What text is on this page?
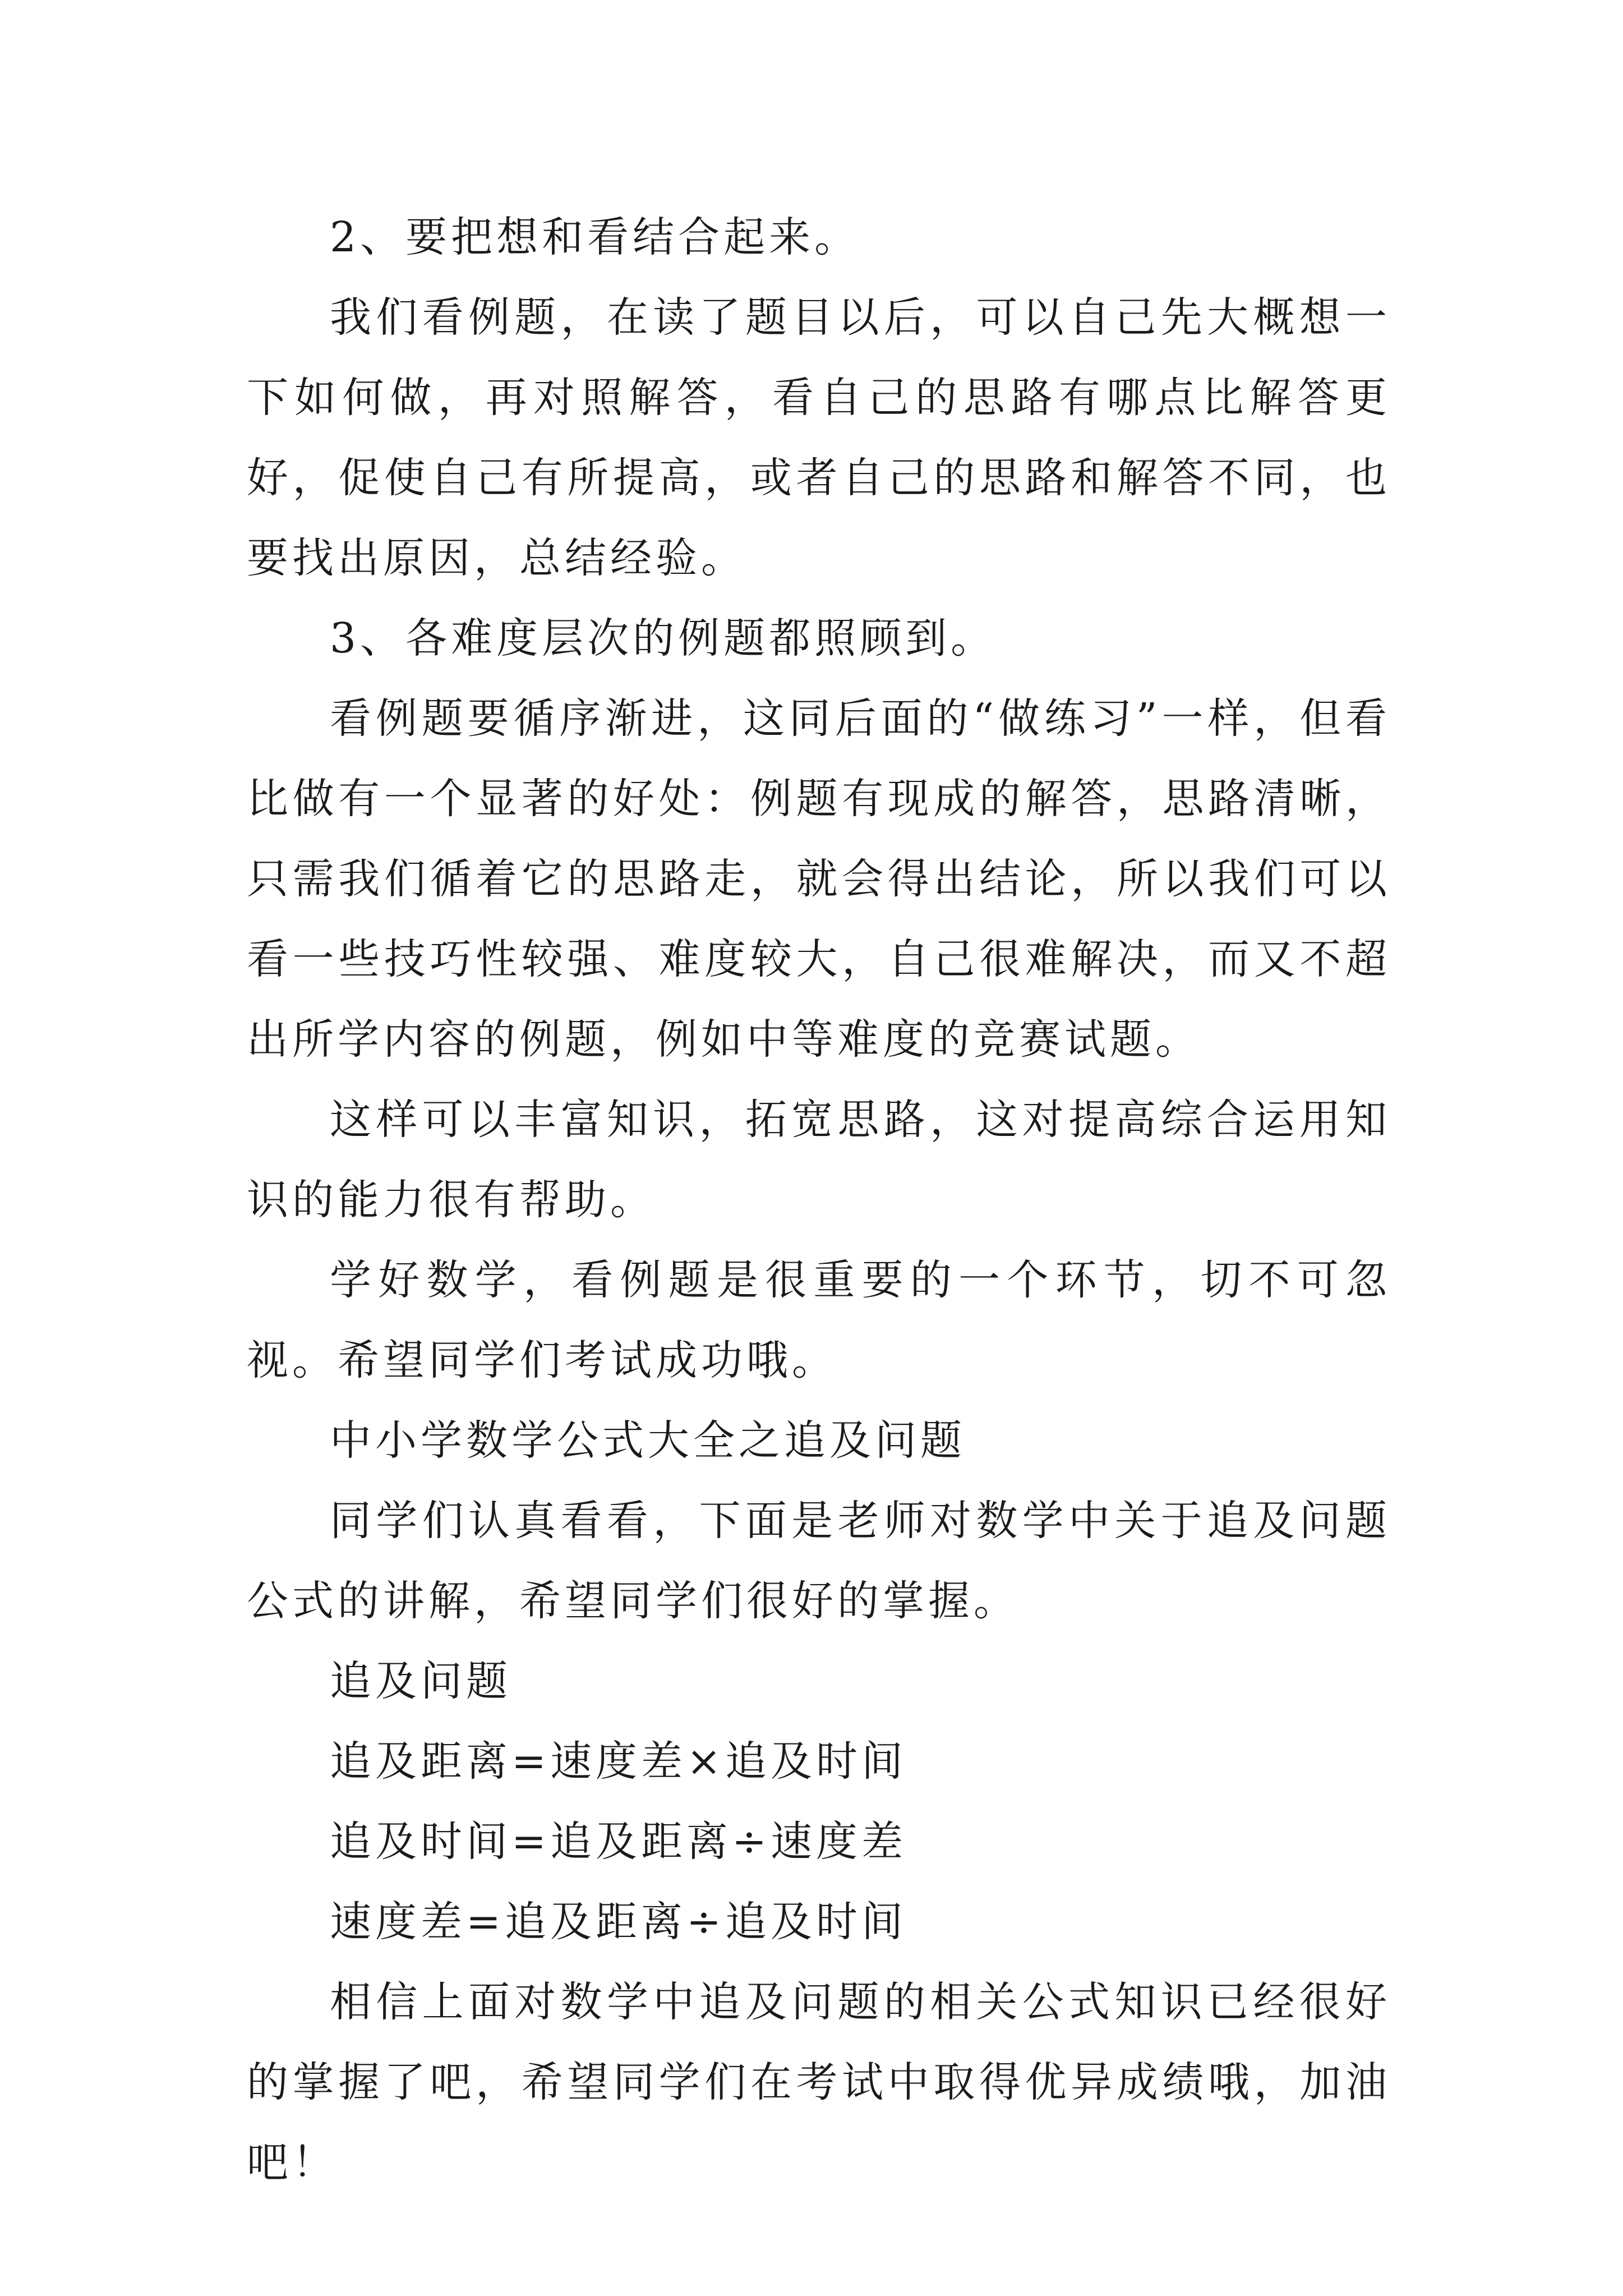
2、要把想和看结合起来。

我们看例题，在读了题目以后，可以自己先大概想一下如何做，再对照解答，看自己的思路有哪点比解答更好，促使自己有所提高，或者自己的思路和解答不同，也要找出原因，总结经验。

3、各难度层次的例题都照顾到。

看例题要循序渐进，这同后面的“做练习”一样，但看比做有一个显著的好处：例题有现成的解答，思路清晰，只需我们循着它的思路走，就会得出结论，所以我们可以看一些技巧性较强、难度较大，自己很难解决，而又不超出所学内容的例题，例如中等难度的竞赛试题。

这样可以丰富知识，拓宽思路，这对提高综合运用知识的能力很有帮助。

学好数学，看例题是很重要的一个环节，切不可忽视。希望同学们考试成功哦。

中小学数学公式大全之追及问题

同学们认真看看，下面是老师对数学中关于追及问题公式的讲解，希望同学们很好的掌握。

追及问题

追及距离=速度差×追及时间

追及时间=追及距离÷速度差

速度差=追及距离÷追及时间

相信上面对数学中追及问题的相关公式知识已经很好的掌握了吧，希望同学们在考试中取得优异成绩哦，加油吧！
